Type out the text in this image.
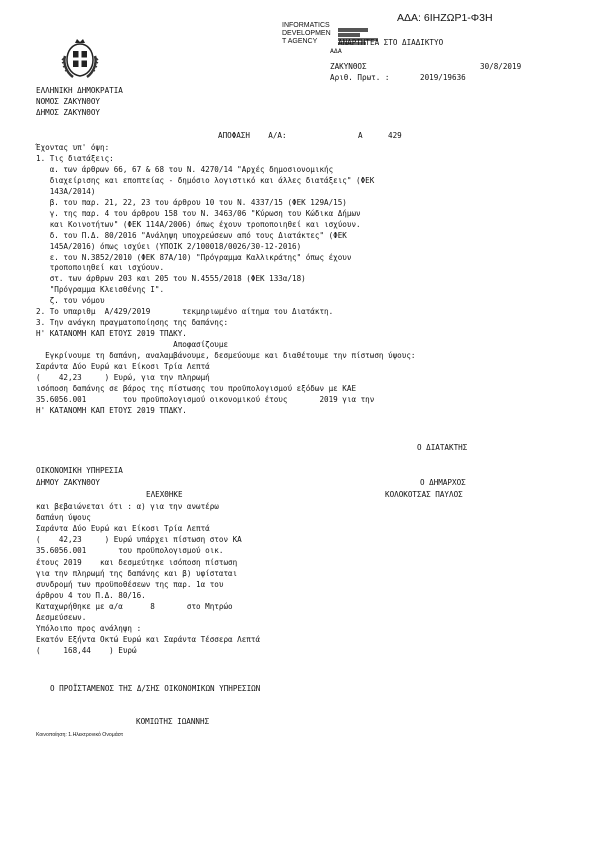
ΑΔΑ: 6ΙΗΖΩΡ1-Φ3Η
INFORMATICS
DEVELOPMEN
T AGENCY	ΑΝΑΡΤΗΤΕΑ ΣΤΟ ΔΙΑΔΙΚΤΥΟ
ΑΔΑ
ΖΑΚΥΝΘΟΣ	30/8/2019
Αριθ. Πρωτ. :	2019/19636
ΕΛΛΗΝΙΚΗ ΔΗΜΟΚΡΑΤΙΑ
ΝΟΜΟΣ ΖΑΚΥΝΘΟΥ
ΔΗΜΟΣ ΖΑΚΥΝΘΟΥ
ΑΠΟΦΑΣΗ    Α/Α:	Α	429
Έχοντας υπ' όψη:
1. Τις διατάξεις:
α. των άρθρων 66, 67 & 68 του Ν. 4270/14 "Αρχές δημοσιονομικής
διαχείρισης και εποπτείας - δημόσιο λογιστικό και άλλες διατάξεις" (ΦΕΚ
143Α/2014)
β. του παρ. 21, 22, 23 του άρθρου 10 του Ν. 4337/15 (ΦΕΚ 129Α/15)
γ. της παρ. 4 του άρθρου 158 του Ν. 3463/06 "Κύρωση του Κώδικα Δήμων
και Κοινοτήτων" (ΦΕΚ 114Α/2006) όπως έχουν τροποποιηθεί και ισχύουν.
δ. του Π.Δ. 80/2016 "Ανάληψη υποχρεώσεων από τους Διατάκτες" (ΦΕΚ
145Α/2016) όπως ισχύει (ΥΠΟΙΚ 2/100018/0026/30-12-2016)
ε. του Ν.3852/2010 (ΦΕΚ 87Α/10) "Πρόγραμμα Καλλικράτης" όπως έχουν
τροποποιηθεί και ισχύουν.
στ. των άρθρων 203 και 205 του Ν.4555/2018 (ΦΕΚ 133α/18)
"Πρόγραμμα Κλεισθένης Ι".
ζ. του νόμου
2. Το υπαριθμ  Α/429/2019       τεκμηριωμένο αίτημα του Διατάκτη.
3. Την ανάγκη πραγματοποίησης της δαπάνης:
Η' ΚΑΤΑΝΟΜΗ ΚΑΠ ΕΤΟΥΣ 2019 ΤΠΔΚΥ.
Αποφασίζουμε
Εγκρίνουμε τη δαπάνη, αναλαμβάνουμε, δεσμεύουμε και διαθέτουμε την πίστωση ύψους:
Σαράντα Δύο Ευρώ και Είκοσι Τρία Λεπτά
(    42,23     ) Ευρώ, για την πληρωμή
ισόποση δαπάνης σε βάρος της πίστωσης του προϋπολογισμού εξόδων με ΚΑΕ
35.6056.001        του προϋπολογισμού οικονομικού έτους       2019 για την
Η' ΚΑΤΑΝΟΜΗ ΚΑΠ ΕΤΟΥΣ 2019 ΤΠΔΚΥ.
Ο ΔΙΑΤΑΚΤΗΣ
ΟΙΚΟΝΟΜΙΚΗ ΥΠΗΡΕΣΙΑ
ΔΗΜΟΥ ΖΑΚΥΝΘΟΥ	Ο ΔΗΜΑΡΧΟΣ
ΕΛΕΧΘΗΚΕ	ΚΟΛΟΚΟΤΣΑΣ ΠΑΥΛΟΣ
και βεβαιώνεται ότι : α) για την ανωτέρω
δαπάνη ύψους
Σαράντα Δύο Ευρώ και Είκοσι Τρία Λεπτά
(    42,23     ) Ευρώ υπάρχει πίστωση στον ΚΑ
35.6056.001       του προϋπολογισμού οικ.
έτους 2019    και δεσμεύτηκε ισόποση πίστωση
για την πληρωμή της δαπάνης και β) υφίσταται
συνδρομή των προϋποθέσεων της παρ. 1α του
άρθρου 4 του Π.Δ. 80/16.
Καταχωρήθηκε με α/α      8       στο Μητρώο
Δεσμεύσεων.
Υπόλοιπο προς ανάληψη :
Εκατόν Εξήντα Οκτώ Ευρώ και Σαράντα Τέσσερα Λεπτά
(     168,44    ) Ευρώ
Ο ΠΡΟΪΣΤΑΜΕΝΟΣ ΤΗΣ Δ/ΣΗΣ ΟΙΚΟΝΟΜΙΚΩΝ ΥΠΗΡΕΣΙΩΝ
ΚΟΜΙΩΤΗΣ ΙΩΑΝΝΗΣ
Κοινοποίηση: 1.Ηλεκτρονικό Ονομάστ
